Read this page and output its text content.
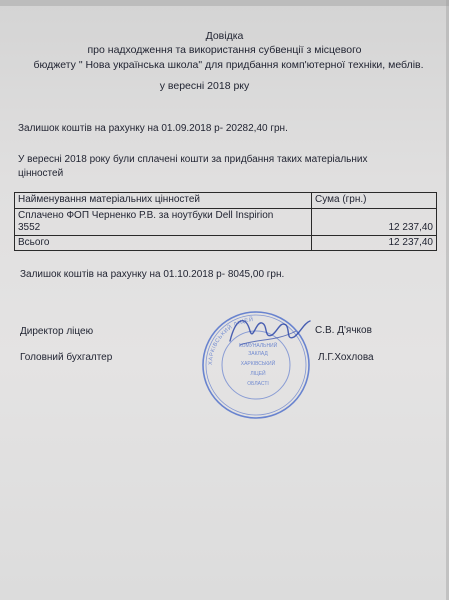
Довідка
про надходження та використання субвенції з місцевого
бюджету " Нова українська школа" для придбання комп'ютерної техніки, меблів.
у вересні 2018 рку
Залишок коштів на рахунку на 01.09.2018 р- 20282,40 грн.
У вересні 2018 року були сплачені кошти за придбання таких матеріальних
цінностей
Найменування матеріальних цінностей	Сума (грн.)

Сплачено ФОП Черненко Р.В. за ноутбуки Dell Inspirion
3552	12 237,40
Всього	12 237,40
Залишок коштів на рахунку на 01.10.2018 р- 8045,00 грн.
Директор ліцею
Головний бухгалтер	ХАРКІВСЬКИЙ ЛІЦЕЙ
КОМУНАЛЬНИЙ
ЗАКЛАД
ХАРКІВСЬКИЙ
ЛІЦЕЙ
ОБЛАСТІ
С.В. Д'ячков
Л.Г.Хохлова
